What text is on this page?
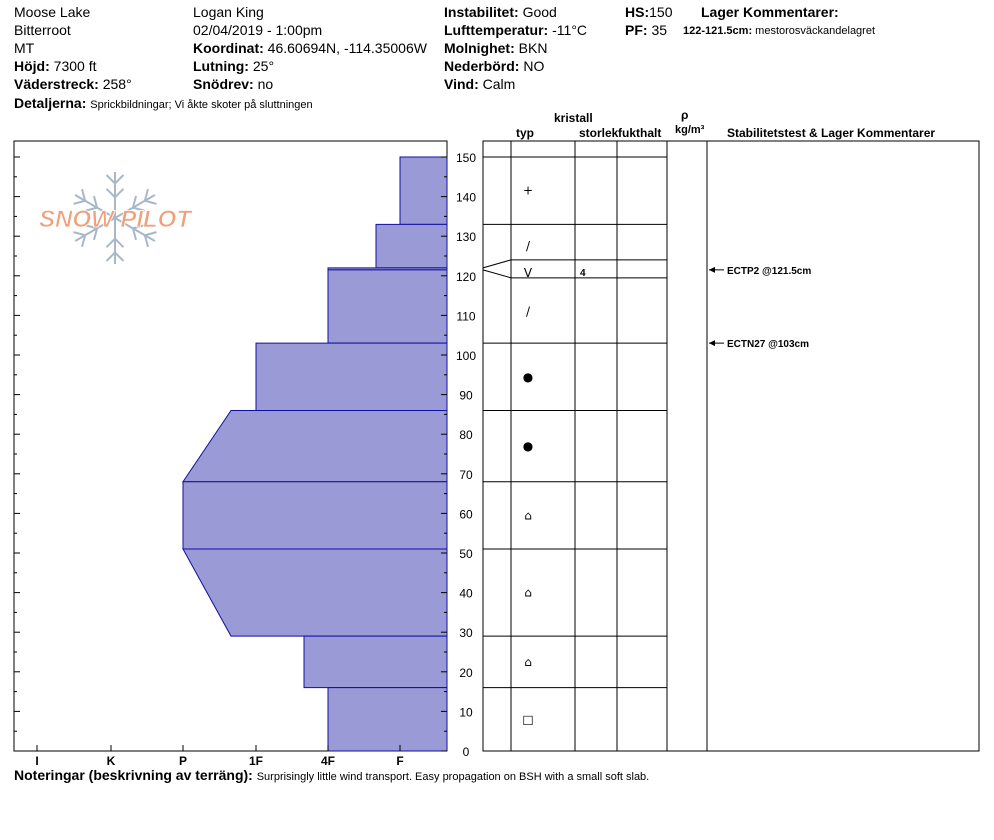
Moose Lake
Bitterroot
MT
Höjd: 7300 ft
Väderstreck: 258°
Detaljerna: Sprickbildningar; Vi åkte skoter på sluttningen
Logan King
02/04/2019 - 1:00pm
Koordinat: 46.60694N, -114.35006W
Lutning: 25°
Snödrev: no
Instabilitet: Good
Lufttemperatur: -11°C
Molnighet: BKN
Nederbörd: NO
Vind: Calm
HS:150
PF: 35
Lager Kommentarer:
122-121.5cm: mestorosväckandelagret
kristall
typ	storlek fukthalt
ρ
kg/m³ Stabilitetstest & Lager Kommentarer
SNOW PILOT
0
10
20
30
40
50
60
70
80
90
100
110
120
130
140
150
I	K	P	1F	4F	F
+
/
V	4
/
●
●
⌂
⌂
⌂
□
ECTP2 @121.5cm
ECTN27 @103cm
Noteringar (beskrivning av terräng): Surprisingly little wind transport. Easy propagation on BSH with a small soft slab.
